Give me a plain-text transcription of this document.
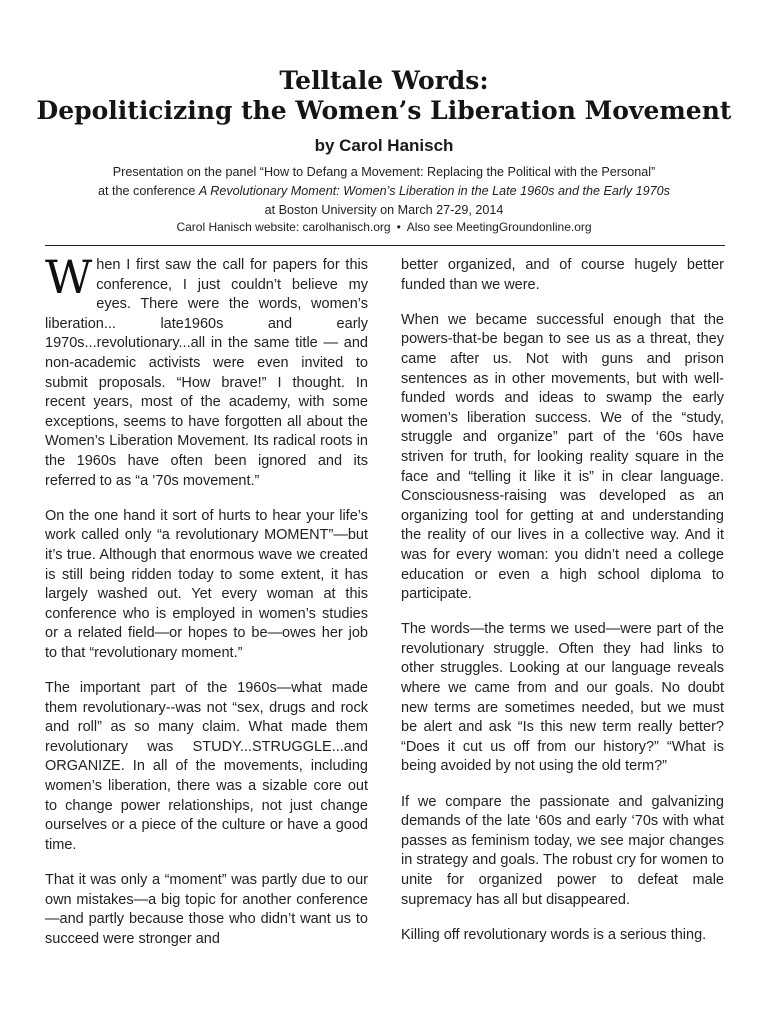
Telltale Words:
Depoliticizing the Women’s Liberation Movement
by Carol Hanisch
Presentation on the panel “How to Defang a Movement: Replacing the Political with the Personal”
at the conference A Revolutionary Moment: Women’s Liberation in the Late 1960s and the Early 1970s
at Boston University on March 27-29, 2014
Carol Hanisch website: carolhanisch.org • Also see MeetingGroundonline.org

When I first saw the call for papers for this conference, I just couldn’t believe my eyes. There were the words, women’s liberation... late1960s and early 1970s...revolutionary...all in the same title — and non-academic activists were even invited to submit proposals. “How brave!” I thought. In recent years, most of the academy, with some exceptions, seems to have forgotten all about the Women’s Liberation Movement. Its radical roots in the 1960s have often been ignored and its referred to as “a ’70s movement.”

On the one hand it sort of hurts to hear your life’s work called only “a revolutionary MOMENT”—but it’s true. Although that enormous wave we created is still being ridden today to some extent, it has largely washed out. Yet every woman at this conference who is employed in women’s studies or a related field—or hopes to be—owes her job to that “revolutionary moment.”

The important part of the 1960s—what made them revolutionary--was not “sex, drugs and rock and roll” as so many claim. What made them revolutionary was STUDY...STRUGGLE...and ORGANIZE. In all of the movements, including women’s liberation, there was a sizable core out to change power relationships, not just change ourselves or a piece of the culture or have a good time.

That it was only a “moment” was partly due to our own mistakes—a big topic for another conference—and partly because those who didn’t want us to succeed were stronger and

better organized, and of course hugely better funded than we were.

When we became successful enough that the powers-that-be began to see us as a threat, they came after us. Not with guns and prison sentences as in other movements, but with well-funded words and ideas to swamp the early women’s liberation success. We of the “study, struggle and organize” part of the ‘60s have striven for truth, for looking reality square in the face and “telling it like it is” in clear language. Consciousness-raising was developed as an organizing tool for getting at and understanding the reality of our lives in a collective way. And it was for every woman: you didn’t need a college education or even a high school diploma to participate.

The words—the terms we used—were part of the revolutionary struggle. Often they had links to other struggles. Looking at our language reveals where we came from and our goals. No doubt new terms are sometimes needed, but we must be alert and ask “Is this new term really better? “Does it cut us off from our history?” “What is being avoided by not using the old term?”

If we compare the passionate and galvanizing demands of the late ‘60s and early ‘70s with what passes as feminism today, we see major changes in strategy and goals. The robust cry for women to unite for organized power to defeat male supremacy has all but disappeared.

Killing off revolutionary words is a serious thing.
